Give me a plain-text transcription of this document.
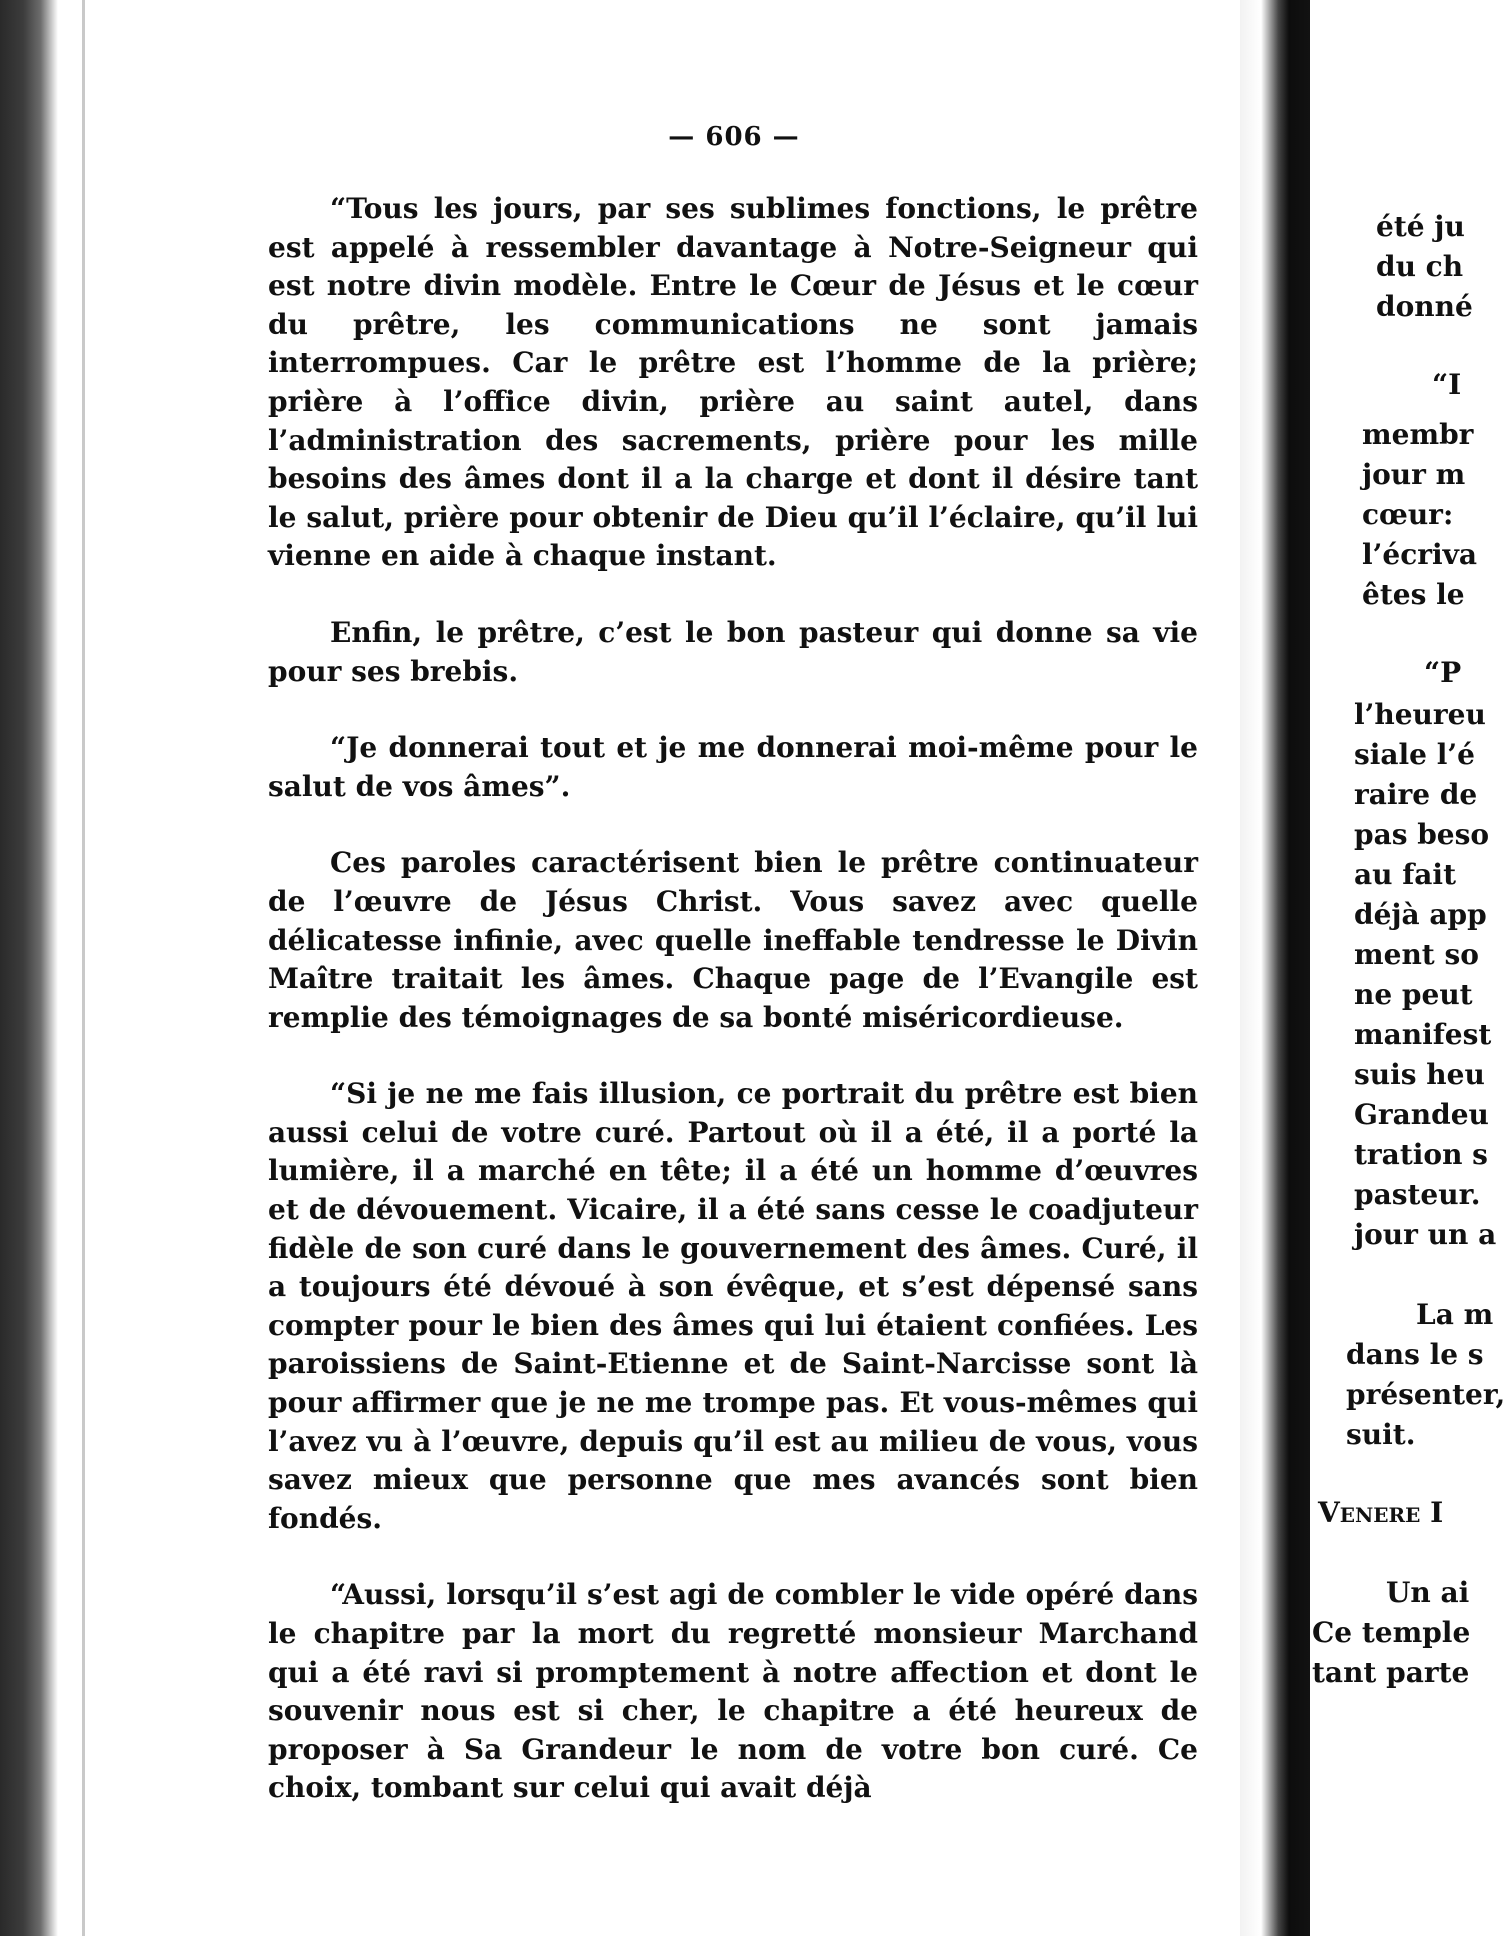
— 606 —

“Tous les jours, par ses sublimes fonctions, le prêtre est appelé à ressembler davantage à Notre-Seigneur qui est notre divin modèle. Entre le Cœur de Jésus et le cœur du prêtre, les communications ne sont jamais interrompues. Car le prêtre est l’homme de la prière; prière à l’office divin, prière au saint autel, dans l’administration des sacrements, prière pour les mille besoins des âmes dont il a la charge et dont il désire tant le salut, prière pour obtenir de Dieu qu’il l’éclaire, qu’il lui vienne en aide à chaque instant.

Enfin, le prêtre, c’est le bon pasteur qui donne sa vie pour ses brebis.

“Je donnerai tout et je me donnerai moi-même pour le salut de vos âmes”.

Ces paroles caractérisent bien le prêtre continuateur de l’œuvre de Jésus Christ. Vous savez avec quelle délicatesse infinie, avec quelle ineffable tendresse le Divin Maître traitait les âmes. Chaque page de l’Evangile est remplie des témoignages de sa bonté miséricordieuse.

“Si je ne me fais illusion, ce portrait du prêtre est bien aussi celui de votre curé. Partout où il a été, il a porté la lumière, il a marché en tête; il a été un homme d’œuvres et de dévouement. Vicaire, il a été sans cesse le coadjuteur fidèle de son curé dans le gouvernement des âmes. Curé, il a toujours été dévoué à son évêque, et s’est dépensé sans compter pour le bien des âmes qui lui étaient confiées. Les paroissiens de Saint-Etienne et de Saint-Narcisse sont là pour affirmer que je ne me trompe pas. Et vous-mêmes qui l’avez vu à l’œuvre, depuis qu’il est au milieu de vous, vous savez mieux que personne que mes avancés sont bien fondés.

“Aussi, lorsqu’il s’est agi de combler le vide opéré dans le chapitre par la mort du regretté monsieur Marchand qui a été ravi si promptement à notre affection et dont le souvenir nous est si cher, le chapitre a été heureux de proposer à Sa Grandeur le nom de votre bon curé. Ce choix, tombant sur celui qui avait déjà

été ju
du ch
donné
“I
membr
jour m
cœur:
l’écriva
êtes le
“P
l’heureu
siale l’é
raire de
pas beso
au fait
déjà app
ment so
ne peut
manifest
suis heu
Grandeu
tration s
pasteur.
jour un a
La m
dans le s
présenter,
suit.
Venere I
Un ai
Ce temple
tant parte
